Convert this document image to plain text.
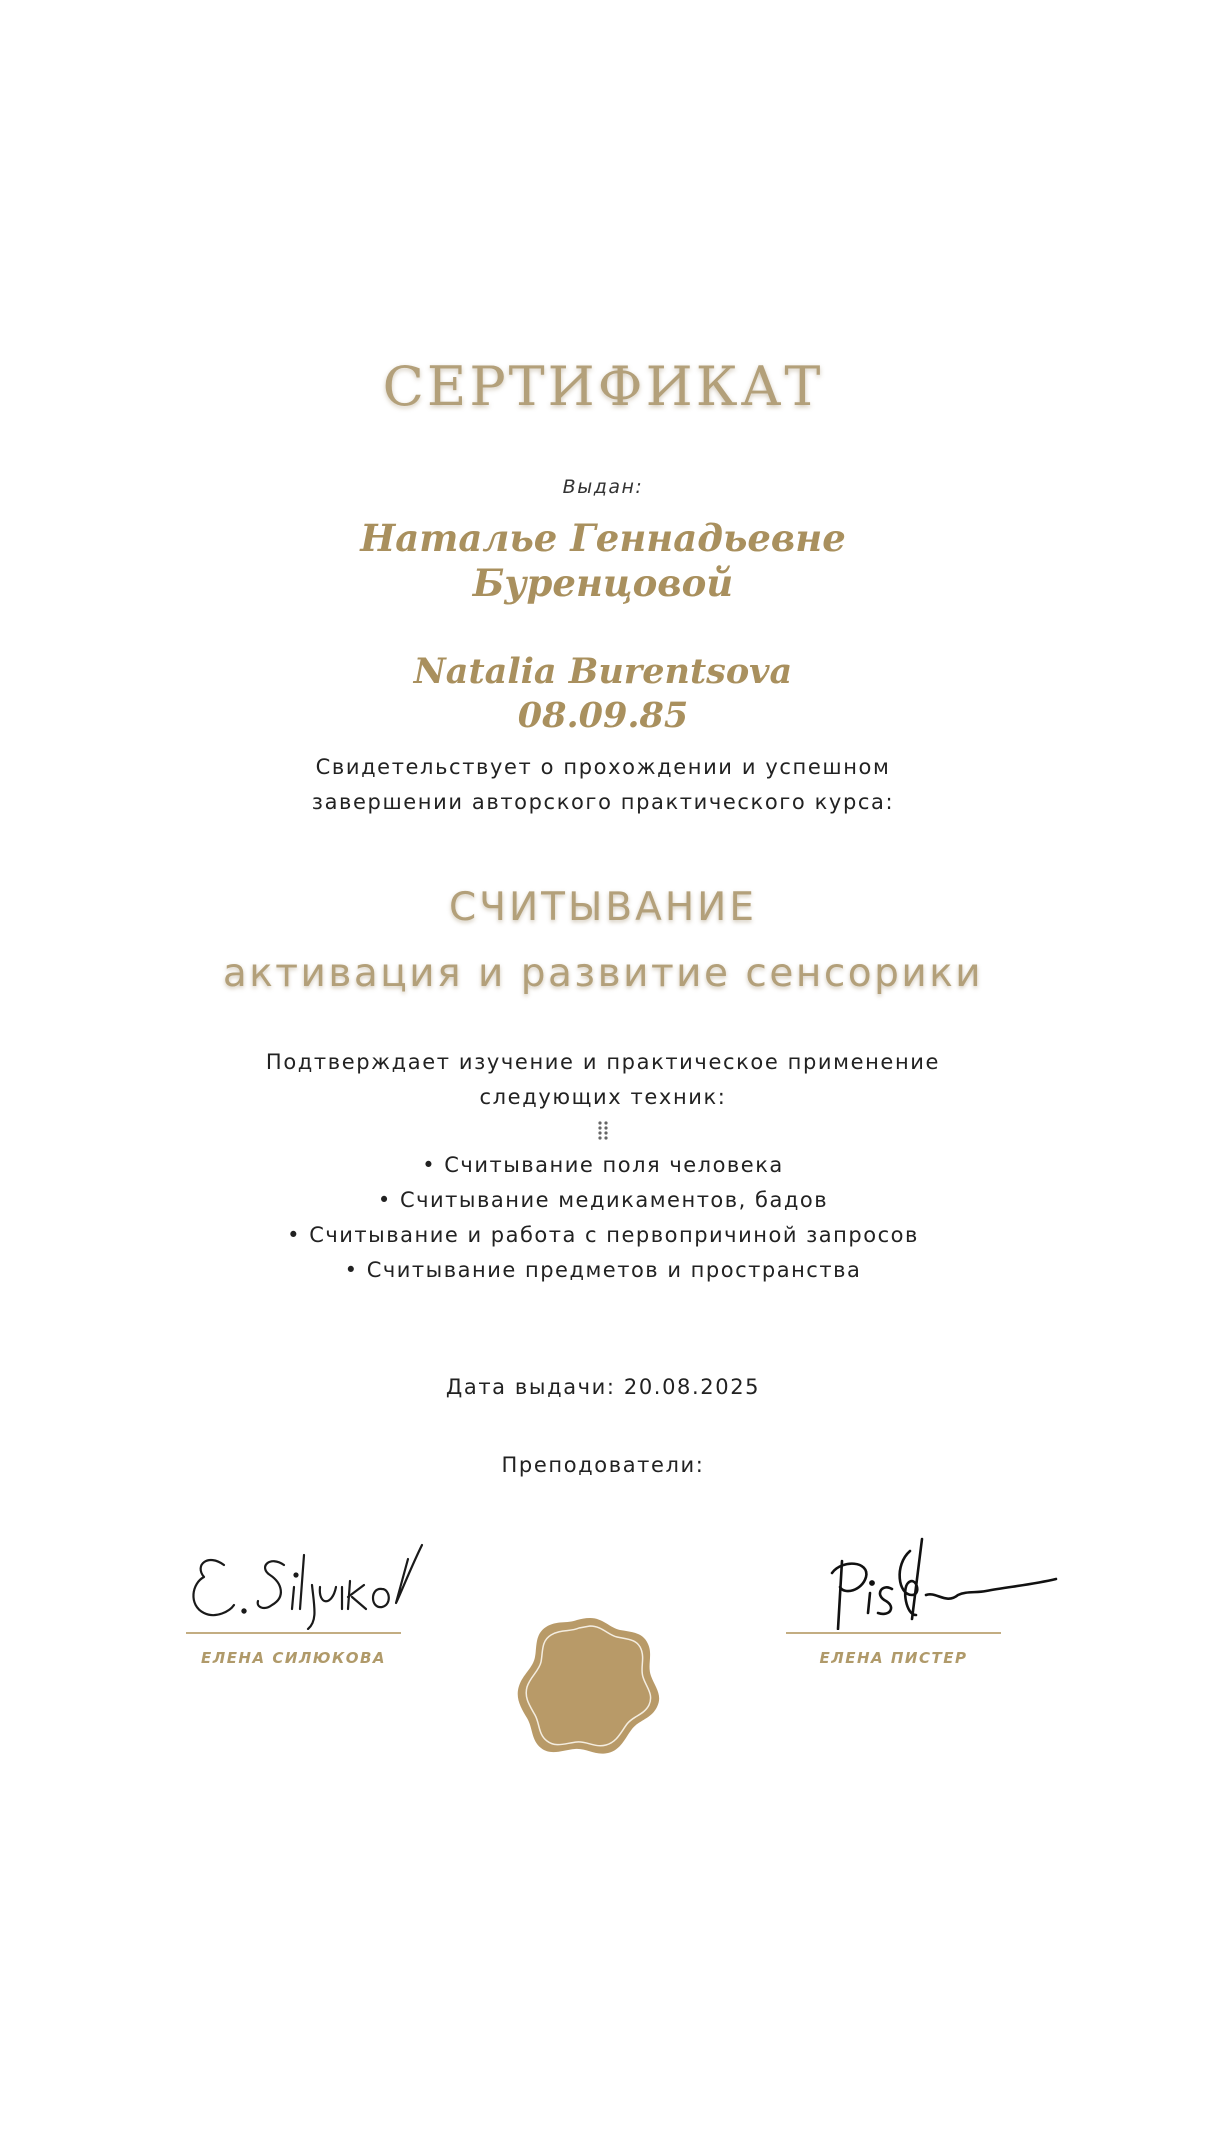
СЕРТИФИКАТ
Выдан:
Наталье Геннадьевне
Буренцовой
Natalia Burentsova
08.09.85
Свидетельствует о прохождении и успешном
завершении авторского практического курса:
СЧИТЫВАНИЕ
активация и развитие сенсорики
Подтверждает изучение и практическое применение
следующих техник:
• Считывание поля человека
• Считывание медикаментов, бадов
• Считывание и работа с первопричиной запросов
• Считывание предметов и пространства
Дата выдачи: 20.08.2025
Преподователи:
ЕЛЕНА СИЛЮКОВА	ЕЛЕНА ПИСТЕР
